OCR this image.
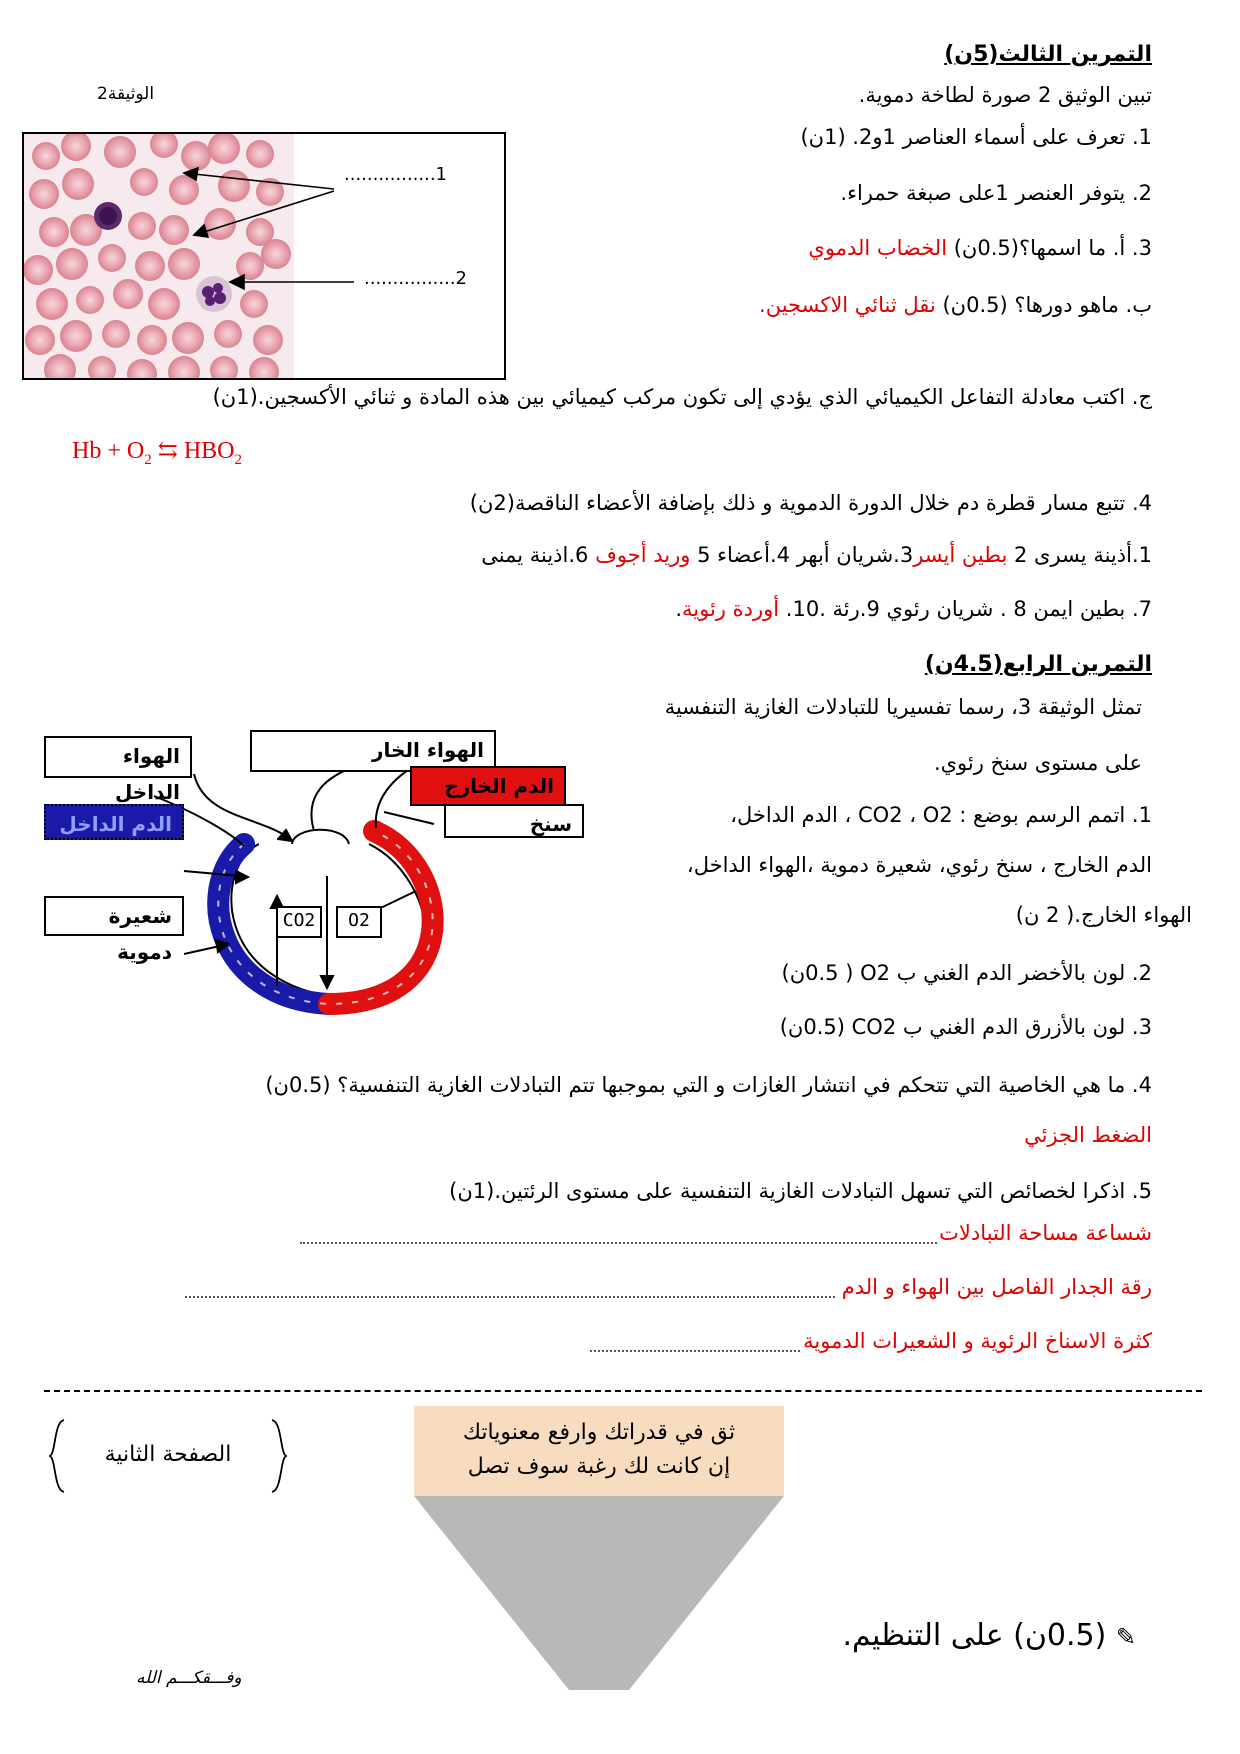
التمرين الثالث(5ن)
الوثيقة2	تبين الوثيق 2 صورة لطاخة دموية.
1. تعرف على أسماء العناصر 1و2. (1ن)
2. يتوفر العنصر 1على صبغة حمراء.
3. أ. ما اسمها؟(0.5ن) الخضاب الدموي
ب. ماهو دورها؟ (0.5ن) نقل ثنائي الاكسجين.
................1
................2
ج. اكتب معادلة التفاعل الكيميائي الذي يؤدي إلى تكون مركب كيميائي بين هذه المادة و ثنائي الأكسجين.(1ن)
$Hb + O_2$ ⇆ $HBO_2$
4. تتبع مسار قطرة دم خلال الدورة الدموية و ذلك بإضافة الأعضاء الناقصة(2ن)
1.أذينة يسرى 2 بطين أيسر3.شريان أبهر 4.أعضاء 5 وريد أجوف 6.اذينة يمنى
7. بطين ايمن 8 . شريان رئوي 9.رئة .10. أوردة رئوية.
التمرين الرابع(4.5ن)
تمثل الوثيقة 3، رسما تفسيريا للتبادلات الغازية التنفسية
على مستوى سنخ رئوي.
1. اتمم الرسم بوضع : CO2 ، O2 ، الدم الداخل،
الدم الخارج ، سنخ رئوي، شعيرة دموية ،الهواء الداخل،
الهواء الخارج.( 2 ن)
2. لون بالأخضر الدم الغني ب O2 ( 0.5ن)
3. لون بالأزرق الدم الغني ب CO2 (0.5ن)
4. ما هي الخاصية التي تتحكم في انتشار الغازات و التي بموجبها تتم التبادلات الغازية التنفسية؟ (0.5ن)
الضغط الجزئي
5. اذكرا لخصائص التي تسهل التبادلات الغازية التنفسية على مستوى الرئتين.(1ن)
شساعة مساحة التبادلات
رقة الجدار الفاصل بين الهواء و الدم
كثرة الاسناخ الرئوية و الشعيرات الدموية
الهواء الداخل
الهواء الخار
الدم الخارج
الدم الداخل	سنخ
شعيرة دموية
CO2	O2
الصفحة الثانية
ثق في قدراتك وارفع معنوياتك
إن كانت لك رغبة سوف تصل
✎ (0.5ن) على التنظيم.
وفـــقكـــم الله
